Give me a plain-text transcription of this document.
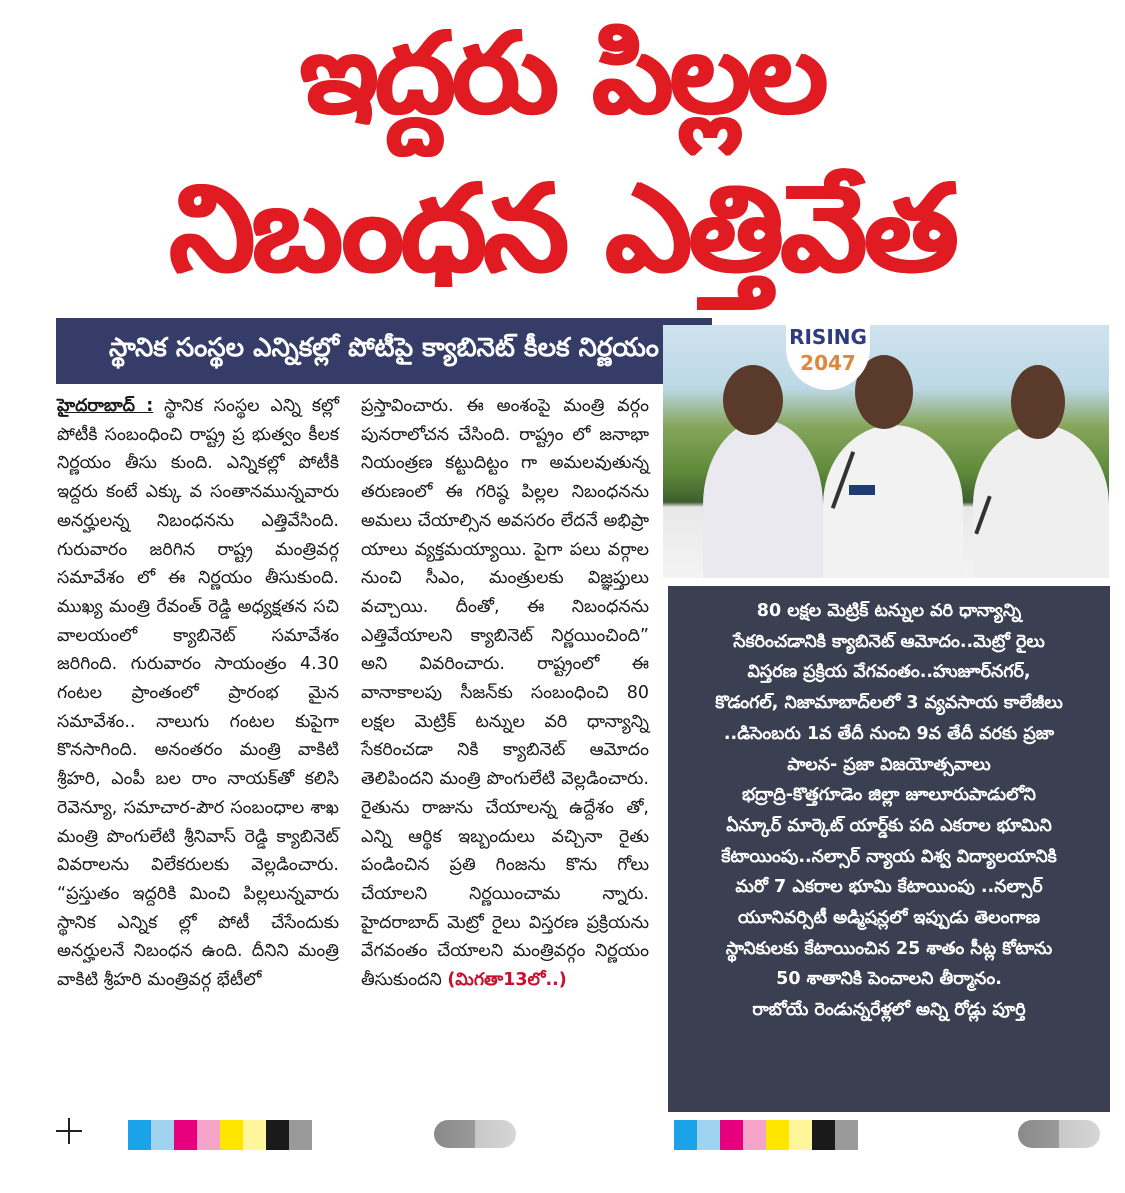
ఇద్దరు పిల్లల
నిబంధన ఎత్తివేత
స్థానిక సంస్థల ఎన్నికల్లో పోటీపై క్యాబినెట్ కీలక నిర్ణయం

హైదరాబాద్ : స్థానిక సంస్థల ఎన్ని కల్లో పోటీకి సంబంధించి రాష్ట్ర ప్ర భుత్వం కీలక నిర్ణయం తీసు కుంది. ఎన్నికల్లో పోటీకి ఇద్దరు కంటే ఎక్కు వ సంతానమున్నవారు అనర్హులన్న నిబంధనను ఎత్తివేసింది. గురువారం జరిగిన రాష్ట్ర మంత్రివర్గ సమావేశం లో ఈ నిర్ణయం తీసుకుంది. ముఖ్య మంత్రి రేవంత్ రెడ్డి అధ్యక్షతన సచి వాలయంలో క్యాబినెట్ సమావేశం జరిగింది. గురువారం సాయంత్రం 4.30 గంటల ప్రాంతంలో ప్రారంభ మైన సమావేశం.. నాలుగు గంటల కుపైగా కొనసాగింది. అనంతరం మంత్రి వాకిటి శ్రీహరి, ఎంపీ బల రాం నాయక్‌తో కలిసి రెవెన్యూ, సమాచార-పౌర సంబంధాల శాఖ మంత్రి పొంగులేటి శ్రీనివాస్ రెడ్డి క్యాబినెట్ వివరాలను విలేకరులకు వెల్లడించారు. “ప్రస్తుతం ఇద్దరికి మించి పిల్లలున్నవారు స్థానిక ఎన్నిక ల్లో పోటీ చేసేందుకు అనర్హులనే నిబంధన ఉంది. దీనిని మంత్రి వాకిటి శ్రీహరి మంత్రివర్గ భేటీలో

ప్రస్తావించారు. ఈ అంశంపై మంత్రి వర్గం పునరాలోచన చేసింది. రాష్ట్రం లో జనాభా నియంత్రణ కట్టుదిట్టం గా అమలవుతున్న తరుణంలో ఈ గరిష్ఠ పిల్లల నిబంధనను అమలు చేయాల్సిన అవసరం లేదనే అభిప్రా యాలు వ్యక్తమయ్యాయి. పైగా పలు వర్గాల నుంచి సీఎం, మంత్రులకు విజ్ఞప్తులు వచ్చాయి. దీంతో, ఈ నిబంధనను ఎత్తివేయాలని క్యాబినెట్ నిర్ణయించింది” అని వివరించారు. రాష్ట్రంలో ఈ వానాకాలపు సీజన్‌కు సంబంధించి 80 లక్షల మెట్రిక్ టన్నుల వరి ధాన్యాన్ని సేకరించడా నికి క్యాబినెట్ ఆమోదం తెలిపిందని మంత్రి పొంగులేటి వెల్లడించారు. రైతును రాజును చేయాలన్న ఉద్దేశం తో, ఎన్ని ఆర్థిక ఇబ్బందులు వచ్చినా రైతు పండించిన ప్రతి గింజను కొను గోలు చేయాలని నిర్ణయించామ న్నారు. హైదరాబాద్ మెట్రో రైలు విస్తరణ ప్రక్రియను వేగవంతం చేయాలని మంత్రివర్గం నిర్ణయం తీసుకుందని (మిగతా13లో..)

RISING
2047

80 లక్షల మెట్రిక్ టన్నుల వరి ధాన్యాన్ని

సేకరించడానికి క్యాబినెట్ ఆమోదం..మెట్రో రైలు

విస్తరణ ప్రక్రియ వేగవంతం..హుజూర్‌నగర్,

కొడంగల్, నిజామాబాద్‌లలో 3 వ్యవసాయ కాలేజీలు

..డిసెంబరు 1వ తేదీ నుంచి 9వ తేదీ వరకు ప్రజా

పాలన- ప్రజా విజయోత్సవాలు

భద్రాద్రి-కొత్తగూడెం జిల్లా జూలూరుపాడులోని

ఏన్కూర్ మార్కెట్ యార్డ్‌కు పది ఎకరాల భూమిని

కేటాయింపు..నల్సార్ న్యాయ విశ్వ విద్యాలయానికి

మరో 7 ఎకరాల భూమి కేటాయింపు ..నల్సార్

యూనివర్సిటీ అడ్మిషన్లలో ఇప్పుడు తెలంగాణ

స్థానికులకు కేటాయించిన 25 శాతం సీట్ల కోటాను

50 శాతానికి పెంచాలని తీర్మానం.

రాబోయే రెండున్నరేళ్లలో అన్ని రోడ్లు పూర్తి
